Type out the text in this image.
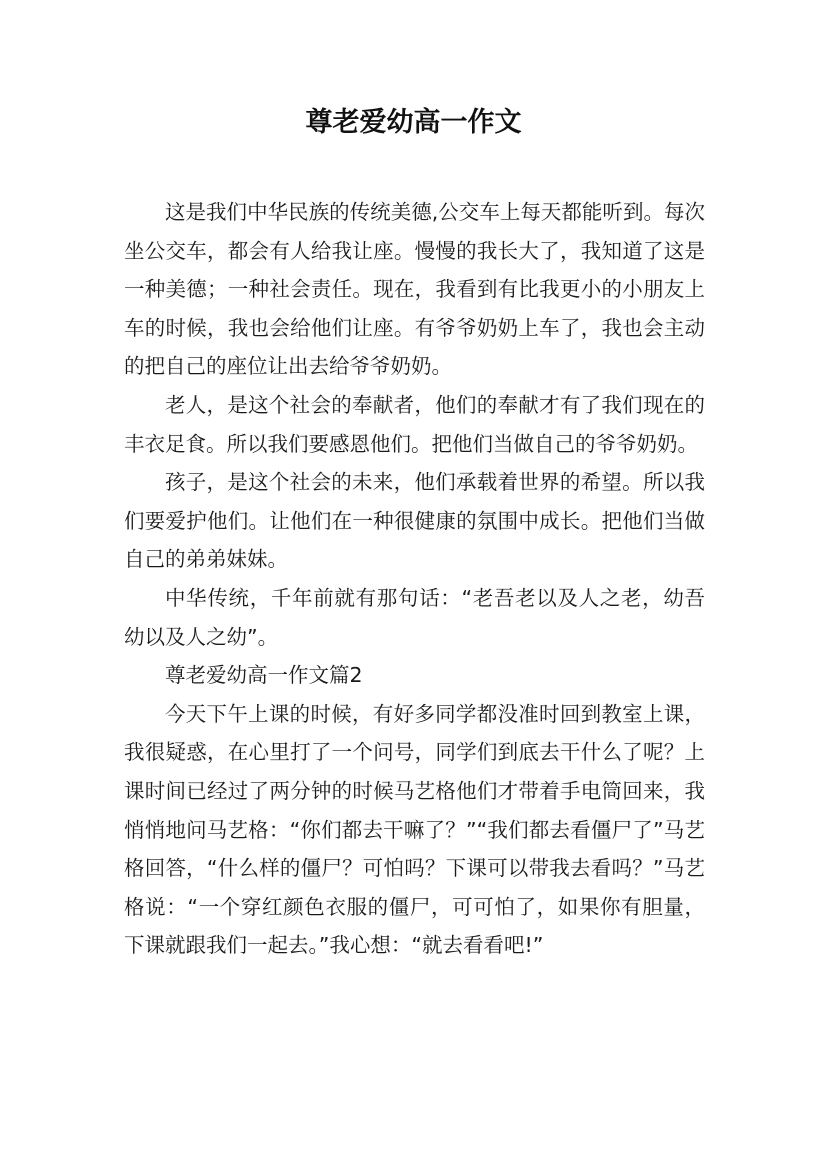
尊老爱幼高一作文

这是我们中华民族的传统美德,公交车上每天都能听到。每次坐公交车，都会有人给我让座。慢慢的我长大了，我知道了这是一种美德；一种社会责任。现在，我看到有比我更小的小朋友上车的时候，我也会给他们让座。有爷爷奶奶上车了，我也会主动的把自己的座位让出去给爷爷奶奶。

老人，是这个社会的奉献者，他们的奉献才有了我们现在的丰衣足食。所以我们要感恩他们。把他们当做自己的爷爷奶奶。

孩子，是这个社会的未来，他们承载着世界的希望。所以我们要爱护他们。让他们在一种很健康的氛围中成长。把他们当做自己的弟弟妹妹。

中华传统，千年前就有那句话：“老吾老以及人之老，幼吾幼以及人之幼”。

尊老爱幼高一作文篇2

今天下午上课的时候，有好多同学都没准时回到教室上课，我很疑惑，在心里打了一个问号，同学们到底去干什么了呢？上课时间已经过了两分钟的时候马艺格他们才带着手电筒回来，我悄悄地问马艺格：“你们都去干嘛了？”“我们都去看僵尸了”马艺格回答，“什么样的僵尸？可怕吗？下课可以带我去看吗？”马艺格说：“一个穿红颜色衣服的僵尸，可可怕了，如果你有胆量，下课就跟我们一起去。”我心想：“就去看看吧!”
